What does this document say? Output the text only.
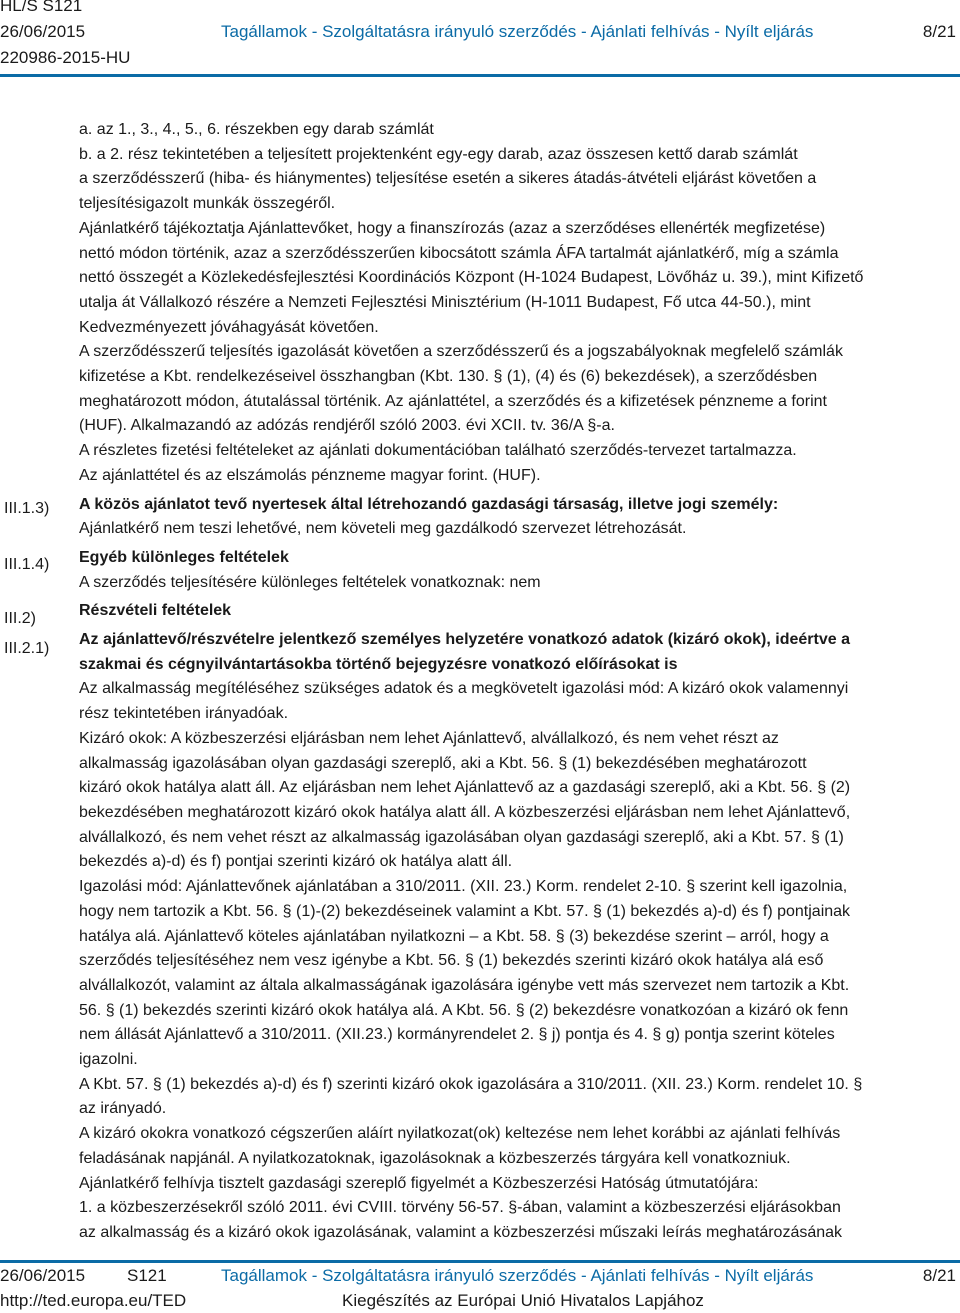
HL/S S121
26/06/2015	Tagállamok - Szolgáltatásra irányuló szerződés - Ajánlati felhívás - Nyílt eljárás	8/21
220986-2015-HU
III.1.3)
III.1.4)
III.2)
III.2.1)

a. az 1., 3., 4., 5., 6. részekben egy darab számlát

b. a 2. rész tekintetében a teljesített projektenként egy-egy darab, azaz összesen kettő darab számlát

a szerződésszerű (hiba- és hiánymentes) teljesítése esetén a sikeres átadás-átvételi eljárást követően a

teljesítésigazolt munkák összegéről.

Ajánlatkérő tájékoztatja Ajánlattevőket, hogy a finanszírozás (azaz a szerződéses ellenérték megfizetése)

nettó módon történik, azaz a szerződésszerűen kibocsátott számla ÁFA tartalmát ajánlatkérő, míg a számla

nettó összegét a Közlekedésfejlesztési Koordinációs Központ (H-1024 Budapest, Lövőház u. 39.), mint Kifizető

utalja át Vállalkozó részére a Nemzeti Fejlesztési Minisztérium (H-1011 Budapest, Fő utca 44-50.), mint

Kedvezményezett jóváhagyását követően.

A szerződésszerű teljesítés igazolását követően a szerződésszerű és a jogszabályoknak megfelelő számlák

kifizetése a Kbt. rendelkezéseivel összhangban (Kbt. 130. § (1), (4) és (6) bekezdések), a szerződésben

meghatározott módon, átutalással történik. Az ajánlattétel, a szerződés és a kifizetések pénzneme a forint

(HUF). Alkalmazandó az adózás rendjéről szóló 2003. évi XCII. tv. 36/A §-a.

A részletes fizetési feltételeket az ajánlati dokumentációban található szerződés-tervezet tartalmazza.

Az ajánlattétel és az elszámolás pénzneme magyar forint. (HUF).

A közös ajánlatot tevő nyertesek által létrehozandó gazdasági társaság, illetve jogi személy:

Ajánlatkérő nem teszi lehetővé, nem követeli meg gazdálkodó szervezet létrehozását.

Egyéb különleges feltételek

A szerződés teljesítésére különleges feltételek vonatkoznak: nem

Részvételi feltételek

Az ajánlattevő/részvételre jelentkező személyes helyzetére vonatkozó adatok (kizáró okok), ideértve a

szakmai és cégnyilvántartásokba történő bejegyzésre vonatkozó előírásokat is

Az alkalmasság megítéléséhez szükséges adatok és a megkövetelt igazolási mód: A kizáró okok valamennyi

rész tekintetében irányadóak.

Kizáró okok: A közbeszerzési eljárásban nem lehet Ajánlattevő, alvállalkozó, és nem vehet részt az

alkalmasság igazolásában olyan gazdasági szereplő, aki a Kbt. 56. § (1) bekezdésében meghatározott

kizáró okok hatálya alatt áll. Az eljárásban nem lehet Ajánlattevő az a gazdasági szereplő, aki a Kbt. 56. § (2)

bekezdésében meghatározott kizáró okok hatálya alatt áll. A közbeszerzési eljárásban nem lehet Ajánlattevő,

alvállalkozó, és nem vehet részt az alkalmasság igazolásában olyan gazdasági szereplő, aki a Kbt. 57. § (1)

bekezdés a)-d) és f) pontjai szerinti kizáró ok hatálya alatt áll.

Igazolási mód: Ajánlattevőnek ajánlatában a 310/2011. (XII. 23.) Korm. rendelet 2-10. § szerint kell igazolnia,

hogy nem tartozik a Kbt. 56. § (1)-(2) bekezdéseinek valamint a Kbt. 57. § (1) bekezdés a)-d) és f) pontjainak

hatálya alá. Ajánlattevő köteles ajánlatában nyilatkozni – a Kbt. 58. § (3) bekezdése szerint – arról, hogy a

szerződés teljesítéséhez nem vesz igénybe a Kbt. 56. § (1) bekezdés szerinti kizáró okok hatálya alá eső

alvállalkozót, valamint az általa alkalmasságának igazolására igénybe vett más szervezet nem tartozik a Kbt.

56. § (1) bekezdés szerinti kizáró okok hatálya alá. A Kbt. 56. § (2) bekezdésre vonatkozóan a kizáró ok fenn

nem állását Ajánlattevő a 310/2011. (XII.23.) kormányrendelet 2. § j) pontja és 4. § g) pontja szerint köteles

igazolni.

A Kbt. 57. § (1) bekezdés a)-d) és f) szerinti kizáró okok igazolására a 310/2011. (XII. 23.) Korm. rendelet 10. §

az irányadó.

A kizáró okokra vonatkozó cégszerűen aláírt nyilatkozat(ok) keltezése nem lehet korábbi az ajánlati felhívás

feladásának napjánál. A nyilatkozatoknak, igazolásoknak a közbeszerzés tárgyára kell vonatkozniuk.

Ajánlatkérő felhívja tisztelt gazdasági szereplő figyelmét a Közbeszerzési Hatóság útmutatójára:

1. a közbeszerzésekről szóló 2011. évi CVIII. törvény 56-57. §-ában, valamint a közbeszerzési eljárásokban

az alkalmasság és a kizáró okok igazolásának, valamint a közbeszerzési műszaki leírás meghatározásának

26/06/2015 S121	Tagállamok - Szolgáltatásra irányuló szerződés - Ajánlati felhívás - Nyílt eljárás	8/21
http://ted.europa.eu/TED	Kiegészítés az Európai Unió Hivatalos Lapjához
